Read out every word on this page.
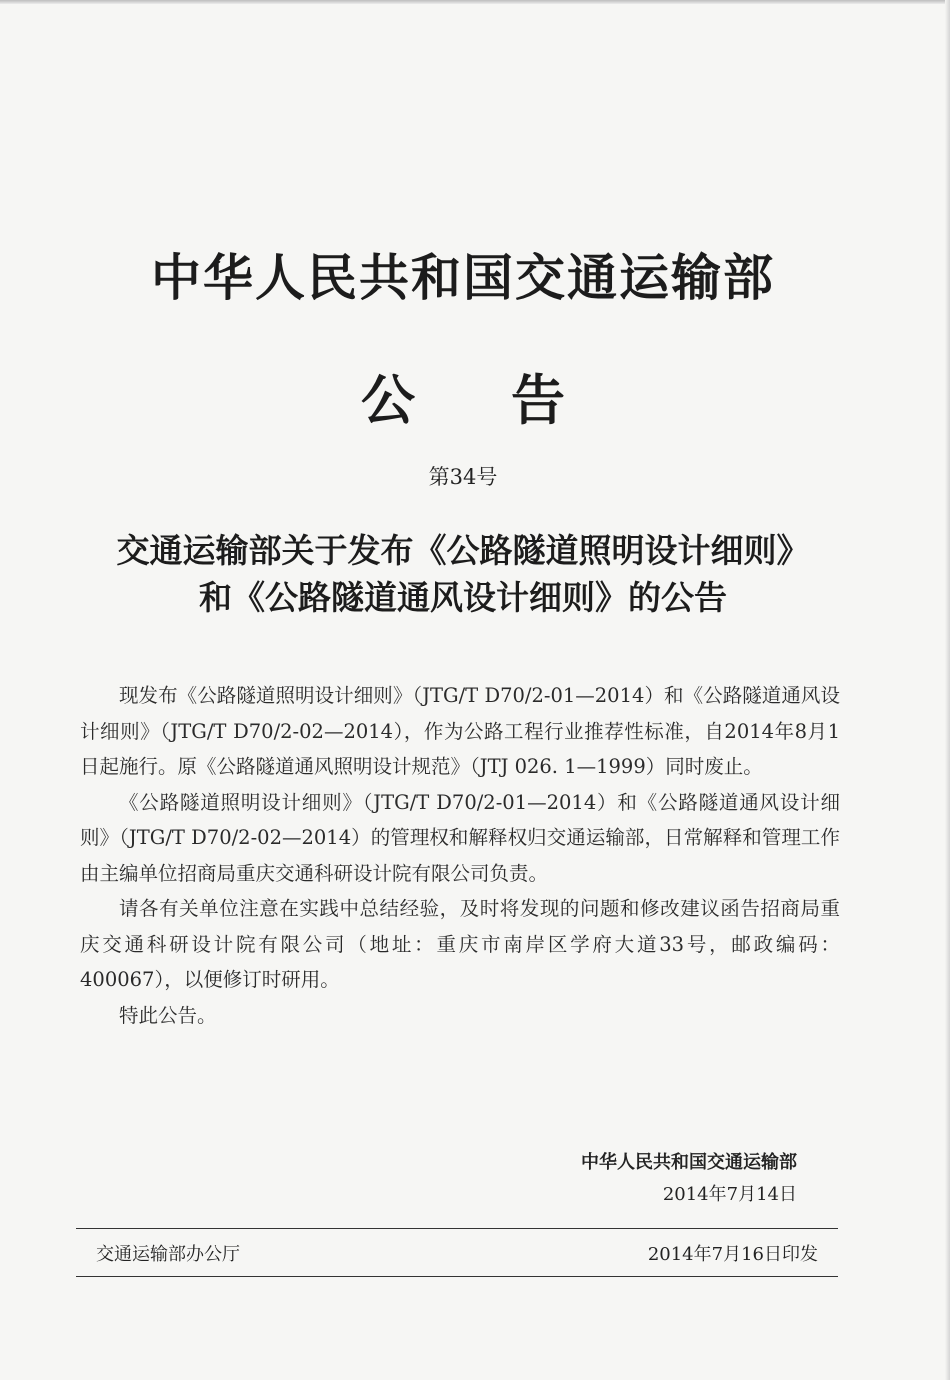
中华人民共和国交通运输部
公 告
第34号
交通运输部关于发布《公路隧道照明设计细则》
和《公路隧道通风设计细则》的公告

现发布《公路隧道照明设计细则》（JTG/T D70/2-01—2014）和《公路隧道通风设计细则》（JTG/T D70/2-02—2014），作为公路工程行业推荐性标准，自2014年8月1日起施行。原《公路隧道通风照明设计规范》（JTJ 026. 1—1999）同时废止。

《公路隧道照明设计细则》（JTG/T D70/2-01—2014）和《公路隧道通风设计细则》（JTG/T D70/2-02—2014）的管理权和解释权归交通运输部，日常解释和管理工作由主编单位招商局重庆交通科研设计院有限公司负责。

请各有关单位注意在实践中总结经验，及时将发现的问题和修改建议函告招商局重庆交通科研设计院有限公司（地址：重庆市南岸区学府大道33号，邮政编码：400067），以便修订时研用。

特此公告。

中华人民共和国交通运输部
2014年7月14日
交通运输部办公厅	2014年7月16日印发
